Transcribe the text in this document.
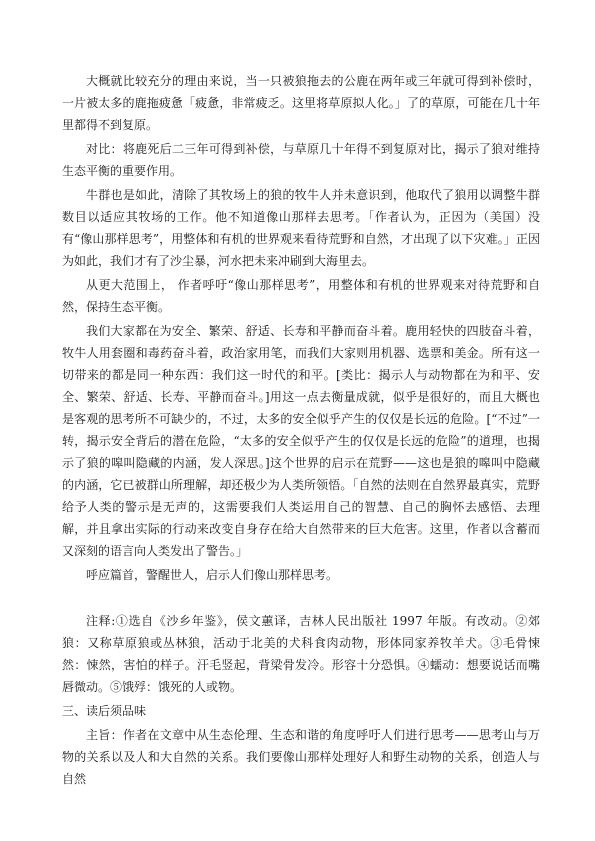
大概就比较充分的理由来说，当一只被狼拖去的公鹿在两年或三年就可得到补偿时，一片被太多的鹿拖疲惫「疲惫，非常疲乏。这里将草原拟人化。」了的草原，可能在几十年里都得不到复原。

对比：将鹿死后二三年可得到补偿，与草原几十年得不到复原对比，揭示了狼对维持生态平衡的重要作用。

牛群也是如此，清除了其牧场上的狼的牧牛人并未意识到，他取代了狼用以调整牛群数目以适应其牧场的工作。他不知道像山那样去思考。「作者认为，正因为（美国）没有“像山那样思考”，用整体和有机的世界观来看待荒野和自然，才出现了以下灾难。」正因为如此，我们才有了沙尘暴，河水把未来冲刷到大海里去。

从更大范围上， 作者呼吁“像山那样思考”，用整体和有机的世界观来对待荒野和自然，保持生态平衡。

我们大家都在为安全、繁荣、舒适、长寿和平静而奋斗着。鹿用轻快的四肢奋斗着，牧牛人用套圈和毒药奋斗着，政治家用笔，而我们大家则用机器、选票和美金。所有这一切带来的都是同一种东西：我们这一时代的和平。[类比：揭示人与动物都在为和平、安全、繁荣、舒适、长寿、平静而奋斗。]用这一点去衡量成就，似乎是很好的，而且大概也是客观的思考所不可缺少的，不过，太多的安全似乎产生的仅仅是长远的危险。[“不过”一转，揭示安全背后的潜在危险，“太多的安全似乎产生的仅仅是长远的危险”的道理，也揭示了狼的嗥叫隐藏的内涵，发人深思。]这个世界的启示在荒野——这也是狼的嗥叫中隐藏的内涵，它已被群山所理解，却还极少为人类所领悟。「自然的法则在自然界最真实，荒野给予人类的警示是无声的，这需要我们人类运用自己的智慧、自己的胸怀去感悟、去理解，并且拿出实际的行动来改变自身存在给大自然带来的巨大危害。这里，作者以含蓄而又深刻的语言向人类发出了警告。」

呼应篇首，警醒世人，启示人们像山那样思考。

注释:①选自《沙乡年鉴》，侯文蕙译，吉林人民出版社 1997 年版。有改动。②郊狼：又称草原狼或丛林狼，活动于北美的犬科食肉动物，形体同家养牧羊犬。③毛骨悚然：悚然，害怕的样子。汗毛竖起，背梁骨发冷。形容十分恐惧。④蠕动：想要说话而嘴唇微动。⑤饿殍：饿死的人或物。

三、读后须品味

主旨：作者在文章中从生态伦理、生态和谐的角度呼吁人们进行思考——思考山与万物的关系以及人和大自然的关系。我们要像山那样处理好人和野生动物的关系，创造人与自然
